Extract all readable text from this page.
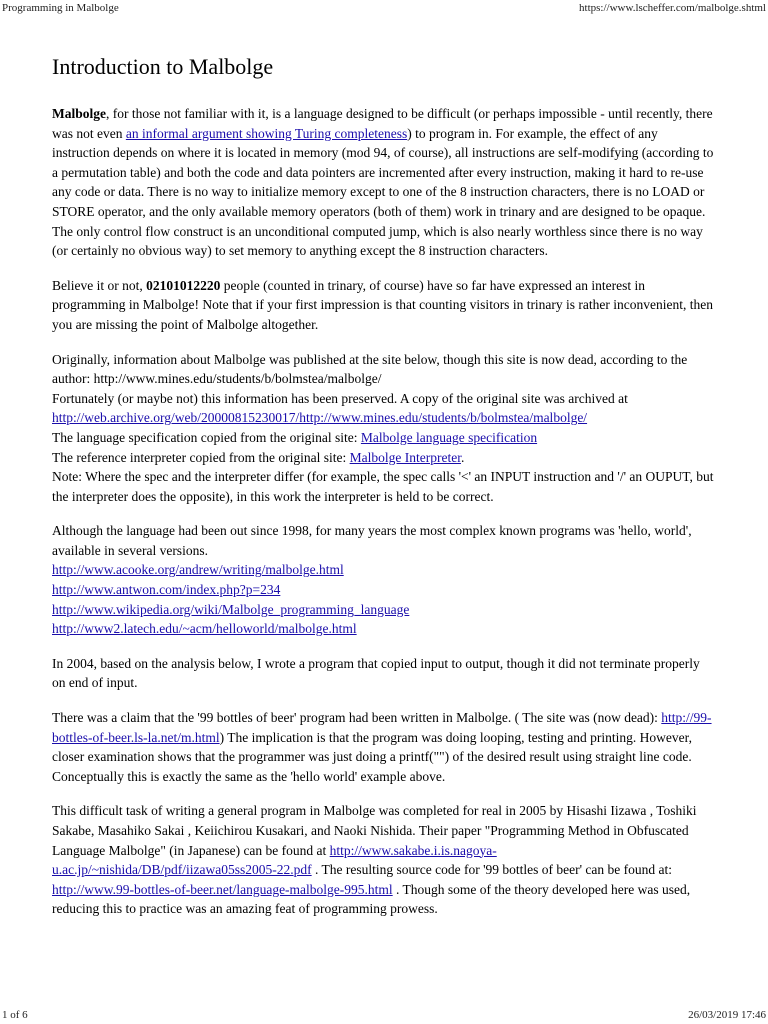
Programming in Malbolge	https://www.lscheffer.com/malbolge.shtml
Introduction to Malbolge

Malbolge, for those not familiar with it, is a language designed to be difficult (or perhaps impossible - until recently, there was not even an informal argument showing Turing completeness) to program in. For example, the effect of any instruction depends on where it is located in memory (mod 94, of course), all instructions are self-modifying (according to a permutation table) and both the code and data pointers are incremented after every instruction, making it hard to re-use any code or data. There is no way to initialize memory except to one of the 8 instruction characters, there is no LOAD or STORE operator, and the only available memory operators (both of them) work in trinary and are designed to be opaque. The only control flow construct is an unconditional computed jump, which is also nearly worthless since there is no way (or certainly no obvious way) to set memory to anything except the 8 instruction characters.

Believe it or not, 02101012220 people (counted in trinary, of course) have so far have expressed an interest in programming in Malbolge! Note that if your first impression is that counting visitors in trinary is rather inconvenient, then you are missing the point of Malbolge altogether.

Originally, information about Malbolge was published at the site below, though this site is now dead, according to the author: http://www.mines.edu/students/b/bolmstea/malbolge/
Fortunately (or maybe not) this information has been preserved. A copy of the original site was archived at
http://web.archive.org/web/20000815230017/http://www.mines.edu/students/b/bolmstea/malbolge/
The language specification copied from the original site: Malbolge language specification
The reference interpreter copied from the original site: Malbolge Interpreter.
Note: Where the spec and the interpreter differ (for example, the spec calls '<' an INPUT instruction and '/' an OUPUT, but the interpreter does the opposite), in this work the interpreter is held to be correct.

Although the language had been out since 1998, for many years the most complex known programs was 'hello, world', available in several versions.
http://www.acooke.org/andrew/writing/malbolge.html
http://www.antwon.com/index.php?p=234
http://www.wikipedia.org/wiki/Malbolge_programming_language
http://www2.latech.edu/~acm/helloworld/malbolge.html

In 2004, based on the analysis below, I wrote a program that copied input to output, though it did not terminate properly on end of input.

There was a claim that the '99 bottles of beer' program had been written in Malbolge. ( The site was (now dead): http://99-bottles-of-beer.ls-la.net/m.html) The implication is that the program was doing looping, testing and printing. However, closer examination shows that the programmer was just doing a printf("") of the desired result using straight line code. Conceptually this is exactly the same as the 'hello world' example above.

This difficult task of writing a general program in Malbolge was completed for real in 2005 by Hisashi Iizawa , Toshiki Sakabe, Masahiko Sakai , Keiichirou Kusakari, and Naoki Nishida. Their paper "Programming Method in Obfuscated Language Malbolge" (in Japanese) can be found at http://www.sakabe.i.is.nagoya-u.ac.jp/~nishida/DB/pdf/iizawa05ss2005-22.pdf . The resulting source code for '99 bottles of beer' can be found at: http://www.99-bottles-of-beer.net/language-malbolge-995.html . Though some of the theory developed here was used, reducing this to practice was an amazing feat of programming prowess.

1 of 6	26/03/2019 17:46
